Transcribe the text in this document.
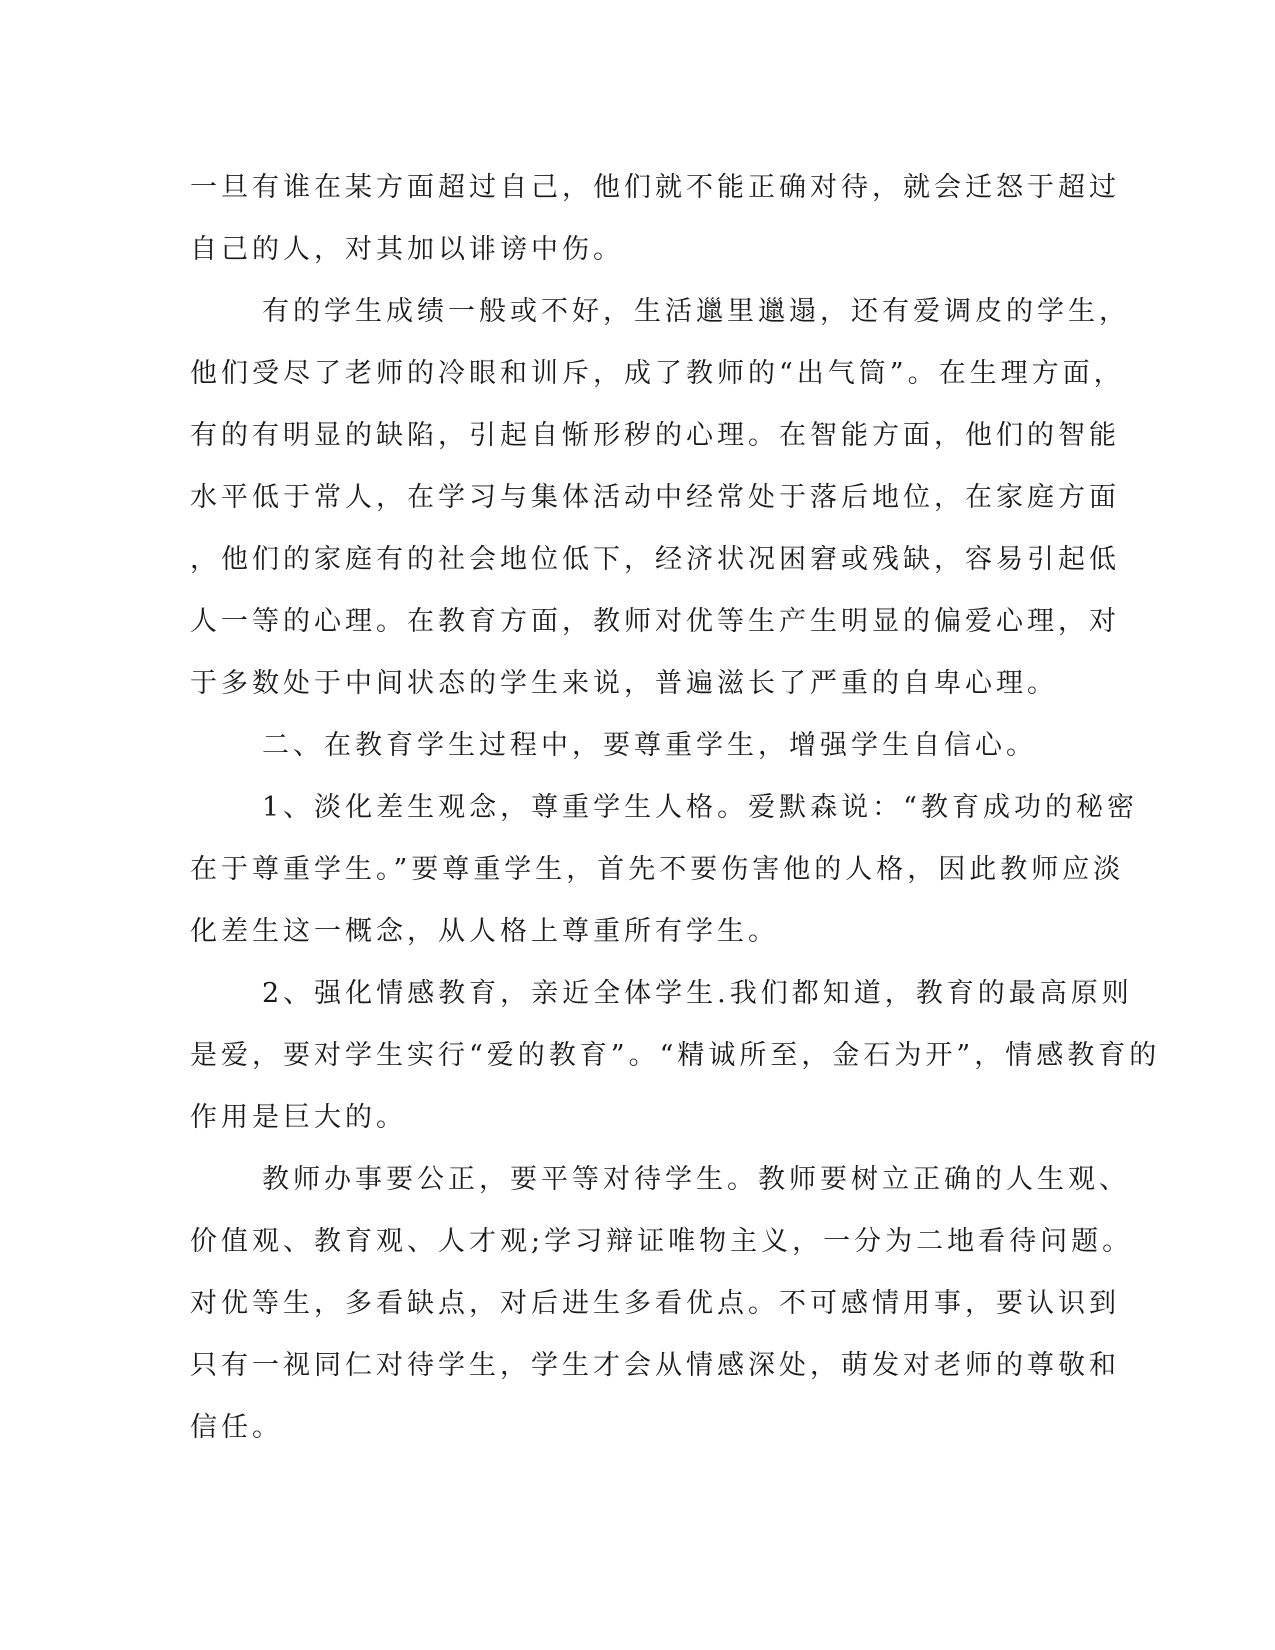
一旦有谁在某方面超过自己，他们就不能正确对待，就会迁怒于超过
自己的人，对其加以诽谤中伤。
有的学生成绩一般或不好，生活邋里邋遢，还有爱调皮的学生，
他们受尽了老师的冷眼和训斥，成了教师的“出气筒”。在生理方面，
有的有明显的缺陷，引起自惭形秽的心理。在智能方面，他们的智能
水平低于常人，在学习与集体活动中经常处于落后地位，在家庭方面
，他们的家庭有的社会地位低下，经济状况困窘或残缺，容易引起低
人一等的心理。在教育方面，教师对优等生产生明显的偏爱心理，对
于多数处于中间状态的学生来说，普遍滋长了严重的自卑心理。
二、在教育学生过程中，要尊重学生，增强学生自信心。
1、淡化差生观念，尊重学生人格。爱默森说：“教育成功的秘密
在于尊重学生。”要尊重学生，首先不要伤害他的人格，因此教师应淡
化差生这一概念，从人格上尊重所有学生。
2、强化情感教育，亲近全体学生.我们都知道，教育的最高原则
是爱，要对学生实行“爱的教育”。“精诚所至，金石为开”，情感教育的
作用是巨大的。
教师办事要公正，要平等对待学生。教师要树立正确的人生观、
价值观、教育观、人才观;学习辩证唯物主义，一分为二地看待问题。
对优等生，多看缺点，对后进生多看优点。不可感情用事，要认识到
只有一视同仁对待学生，学生才会从情感深处，萌发对老师的尊敬和
信任。
